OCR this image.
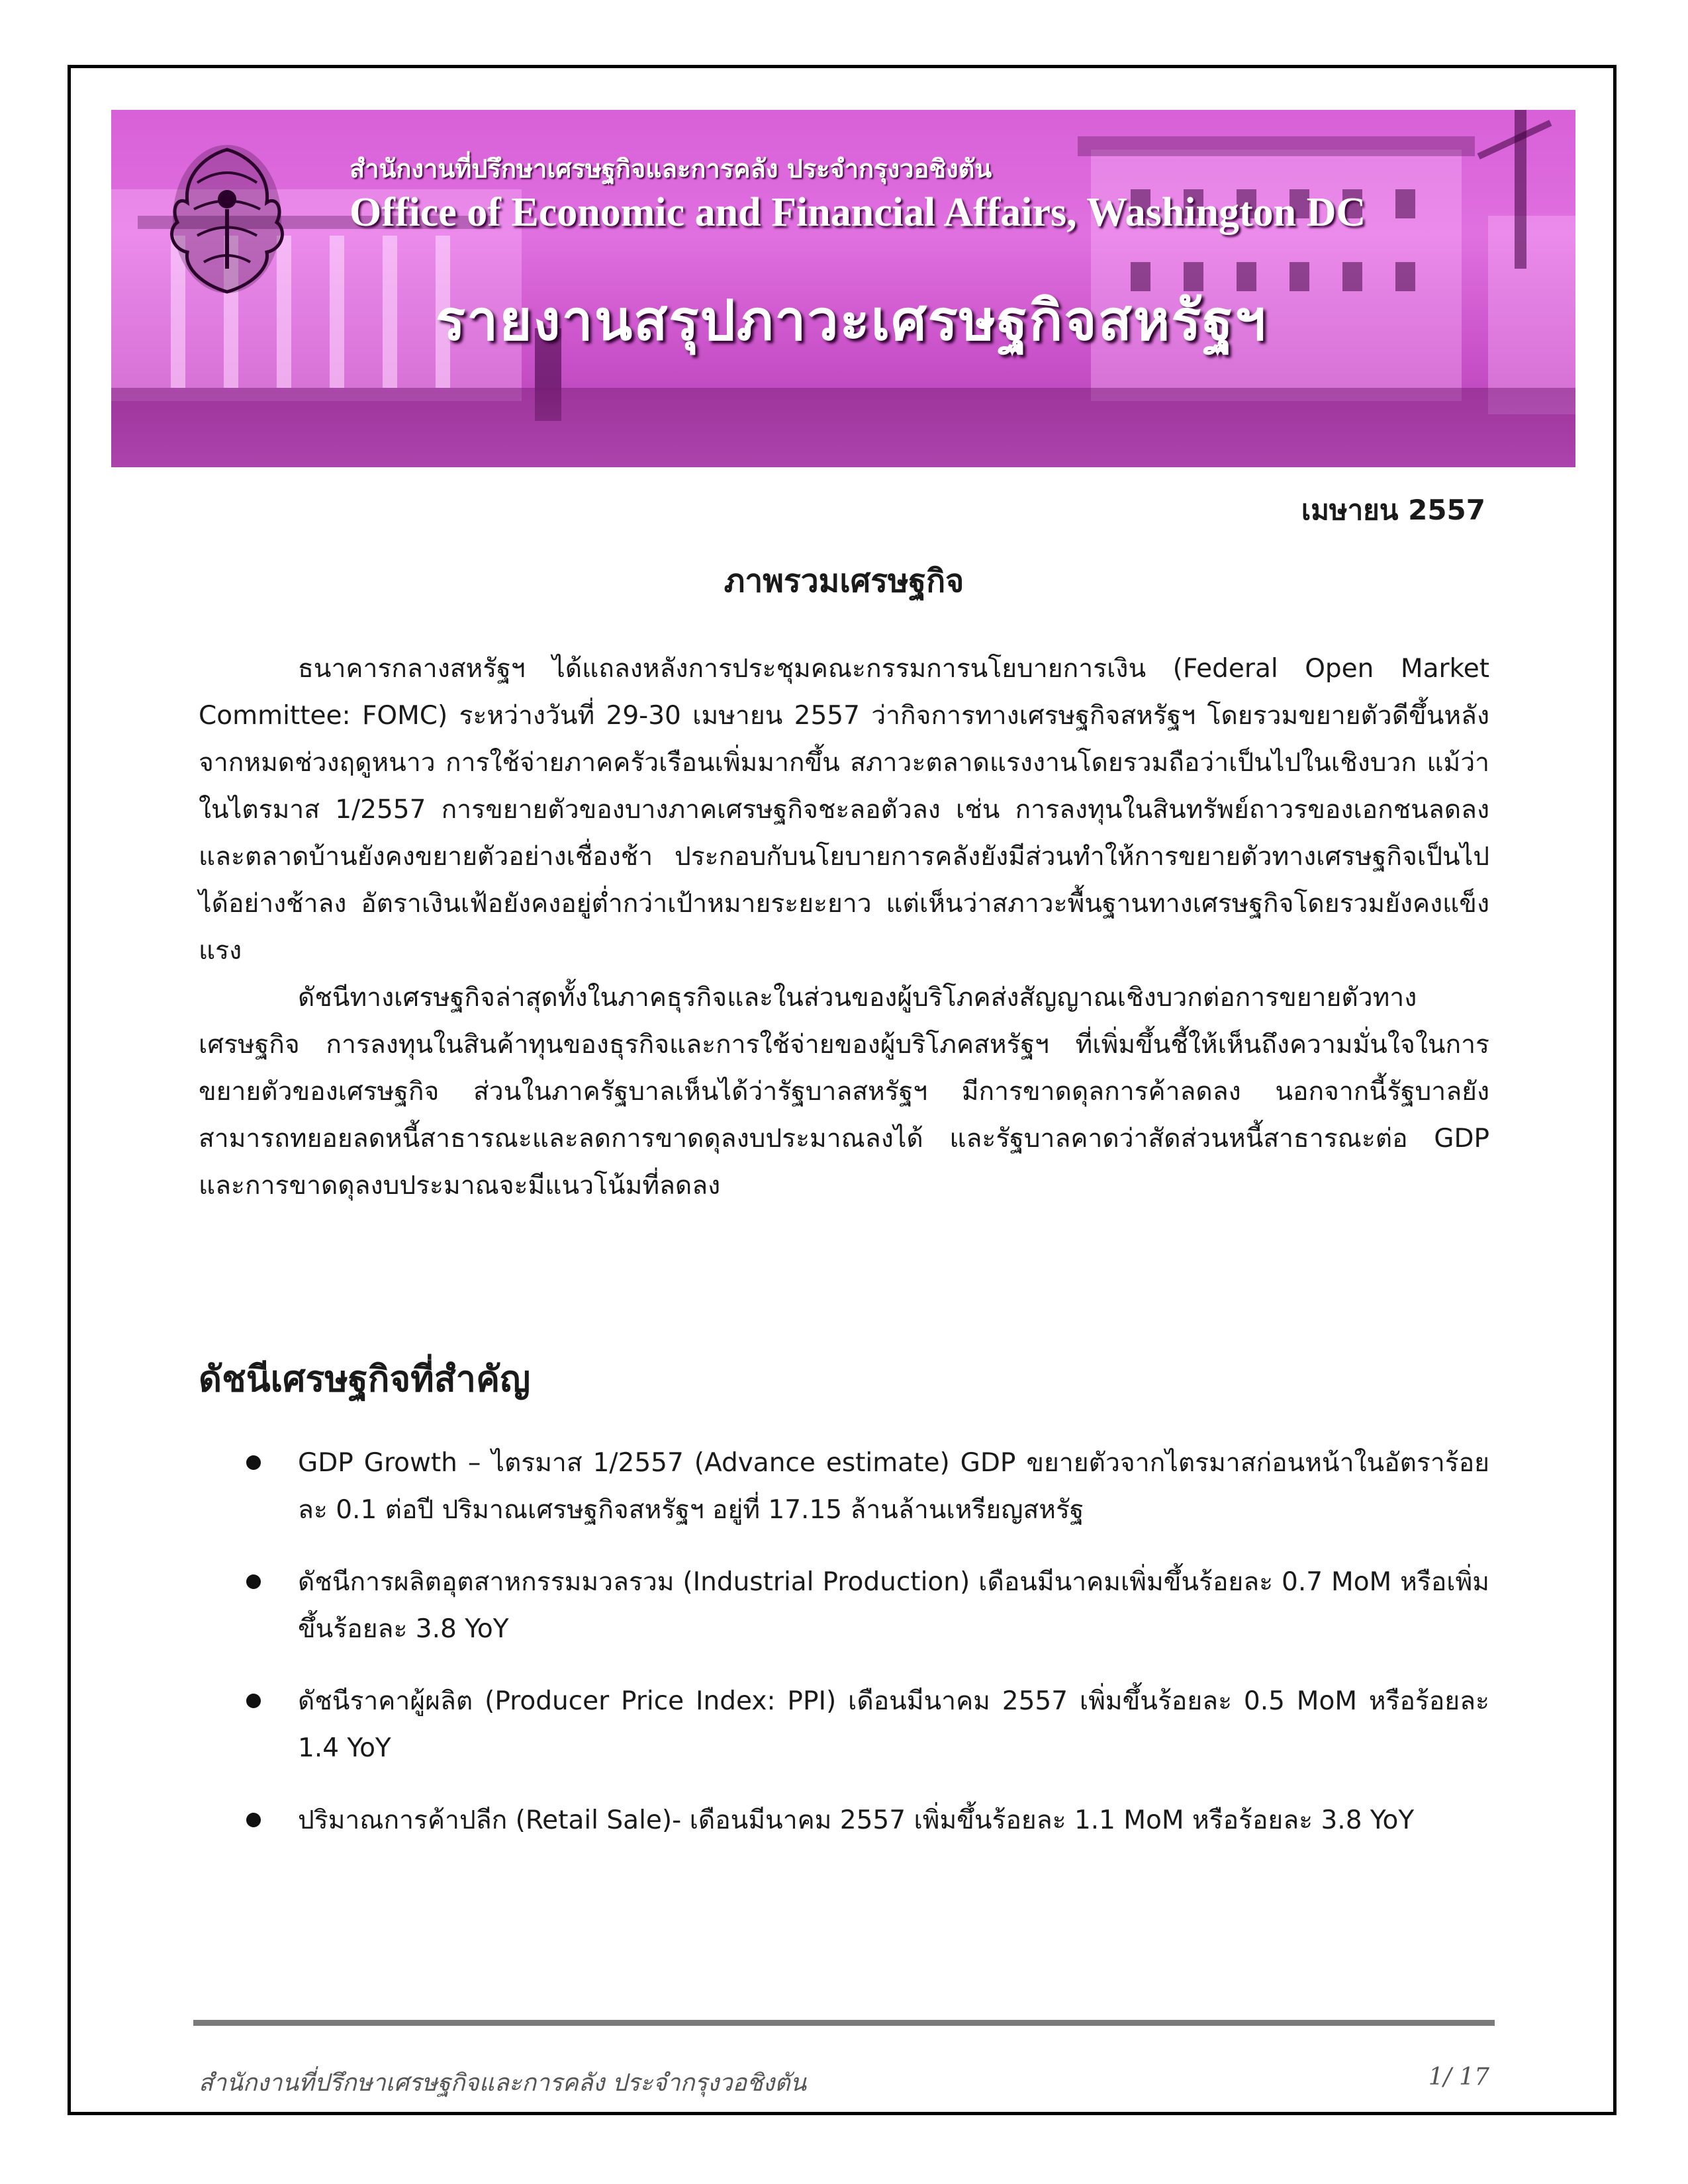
สำนักงานที่ปรึกษาเศรษฐกิจและการคลัง ประจำกรุงวอชิงตัน
Office of Economic and Financial Affairs, Washington DC
รายงานสรุปภาวะเศรษฐกิจสหรัฐฯ
เมษายน 2557
ภาพรวมเศรษฐกิจ

ธนาคารกลางสหรัฐฯ ได้แถลงหลังการประชุมคณะกรรมการนโยบายการเงิน (Federal Open Market Committee: FOMC) ระหว่างวันที่ 29-30 เมษายน 2557 ว่ากิจการทางเศรษฐกิจสหรัฐฯ โดยรวมขยายตัวดีขึ้นหลังจากหมดช่วงฤดูหนาว การใช้จ่ายภาคครัวเรือนเพิ่มมากขึ้น สภาวะตลาดแรงงานโดยรวมถือว่าเป็นไปในเชิงบวก แม้ว่าในไตรมาส 1/2557 การขยายตัวของบางภาคเศรษฐกิจชะลอตัวลง เช่น การลงทุนในสินทรัพย์ถาวรของเอกชนลดลง และตลาดบ้านยังคงขยายตัวอย่างเชื่องช้า ประกอบกับนโยบายการคลังยังมีส่วนทำให้การขยายตัวทางเศรษฐกิจเป็นไปได้อย่างช้าลง อัตราเงินเฟ้อยังคงอยู่ต่ำกว่าเป้าหมายระยะยาว แต่เห็นว่าสภาวะพื้นฐานทางเศรษฐกิจโดยรวมยังคงแข็งแรง

ดัชนีทางเศรษฐกิจล่าสุดทั้งในภาคธุรกิจและในส่วนของผู้บริโภคส่งสัญญาณเชิงบวกต่อการขยายตัวทางเศรษฐกิจ การลงทุนในสินค้าทุนของธุรกิจและการใช้จ่ายของผู้บริโภคสหรัฐฯ ที่เพิ่มขึ้นชี้ให้เห็นถึงความมั่นใจในการขยายตัวของเศรษฐกิจ ส่วนในภาครัฐบาลเห็นได้ว่ารัฐบาลสหรัฐฯ มีการขาดดุลการค้าลดลง นอกจากนี้รัฐบาลยังสามารถทยอยลดหนี้สาธารณะและลดการขาดดุลงบประมาณลงได้ และรัฐบาลคาดว่าสัดส่วนหนี้สาธารณะต่อ GDP และการขาดดุลงบประมาณจะมีแนวโน้มที่ลดลง

ดัชนีเศรษฐกิจที่สำคัญ
GDP Growth – ไตรมาส 1/2557 (Advance estimate) GDP ขยายตัวจากไตรมาสก่อนหน้าในอัตราร้อยละ 0.1 ต่อปี ปริมาณเศรษฐกิจสหรัฐฯ อยู่ที่ 17.15 ล้านล้านเหรียญสหรัฐ
ดัชนีการผลิตอุตสาหกรรมมวลรวม (Industrial Production) เดือนมีนาคมเพิ่มขึ้นร้อยละ 0.7 MoM หรือเพิ่มขึ้นร้อยละ 3.8 YoY
ดัชนีราคาผู้ผลิต (Producer Price Index: PPI) เดือนมีนาคม 2557 เพิ่มขึ้นร้อยละ 0.5 MoM หรือร้อยละ 1.4 YoY
ปริมาณการค้าปลีก (Retail Sale)- เดือนมีนาคม 2557 เพิ่มขึ้นร้อยละ 1.1 MoM หรือร้อยละ 3.8 YoY
สำนักงานที่ปรึกษาเศรษฐกิจและการคลัง ประจำกรุงวอชิงตัน	1/ 17
